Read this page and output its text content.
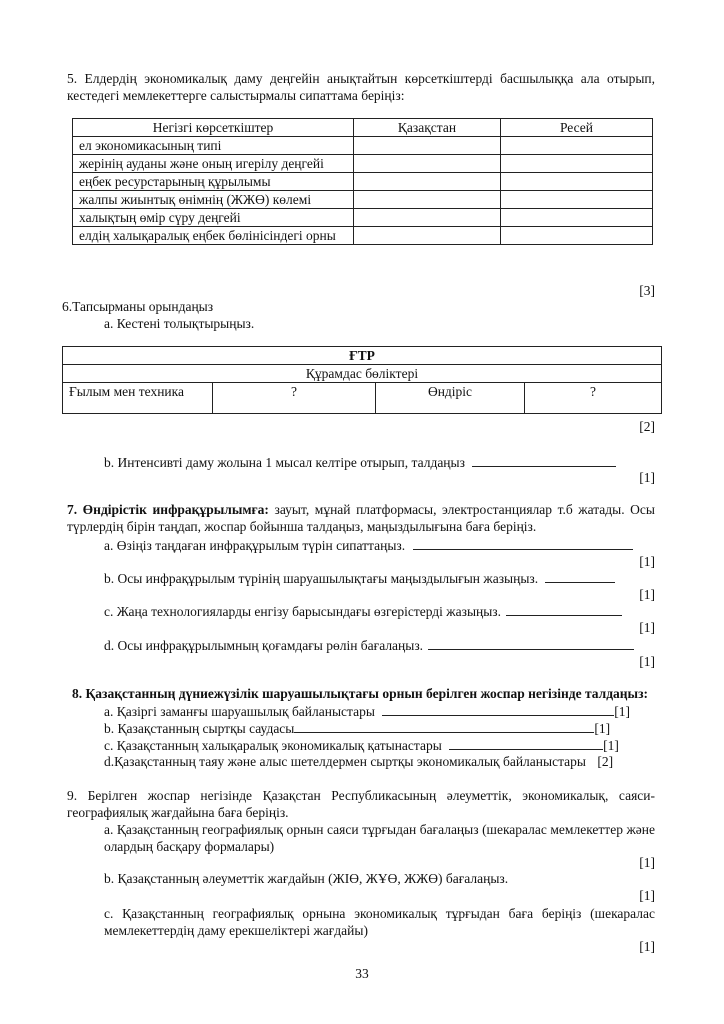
5. Елдердің экономикалық даму деңгейін анықтайтын көрсеткіштерді басшылыққа ала отырып, кестедегі мемлекеттерге салыстырмалы сипаттама беріңіз:
Негізгі көрсеткіштер	Қазақстан	Ресей
ел экономикасының типі		
жерінің ауданы және оның игерілу деңгейі		
еңбек ресурстарының құрылымы		
жалпы жиынтық өнімнің (ЖЖӨ) көлемі		
халықтың өмір сүру деңгейі		
елдің халықаралық еңбек бөлінісіндегі орны		
[3]
6.Тапсырманы орындаңыз
a. Кестені толықтырыңыз.
ҒТР
Құрамдас бөліктері
Ғылым мен техника	?	Өндіріс	?
[2]
b. Интенсивті даму жолына 1 мысал келтіре отырып, талдаңыз
[1]
7. Өндірістік инфрақұрылымға: зауыт, мұнай платформасы, электростанциялар т.б жатады. Осы түрлердің бірін таңдап, жоспар бойынша талдаңыз, маңыздылығына баға беріңіз.
a. Өзіңіз таңдаған инфрақұрылым түрін сипаттаңыз.
[1]
b. Осы инфрақұрылым түрінің шаруашылықтағы маңыздылығын жазыңыз.
[1]
c. Жаңа технологияларды енгізу барысындағы өзгерістерді жазыңыз.
[1]
d. Осы инфрақұрылымның қоғамдағы рөлін бағалаңыз.
[1]
8. Қазақстанның дүниежүзілік шаруашылықтағы орнын берілген жоспар негізінде талдаңыз:
a. Қазіргі заманғы шаруашылық байланыстары	[1]
b. Қазақстанның сыртқы саудасы	[1]
c. Қазақстанның халықаралық экономикалық қатынастары	[1]
d.Қазақстанның таяу және алыс шетелдермен сыртқы экономикалық байланыстары [2]
9. Берілген жоспар негізінде Қазақстан Республикасының әлеуметтік, экономикалық, саяси-географиялық жағдайына баға беріңіз.
a. Қазақстанның географиялық орнын саяси тұрғыдан бағалаңыз (шекаралас мемлекеттер және олардың басқару формалары)
[1]
b. Қазақстанның әлеуметтік жағдайын (ЖІӨ, ЖҰӨ, ЖЖӨ) бағалаңыз.
[1]
c. Қазақстанның географиялық орнына экономикалық тұрғыдан баға беріңіз (шекаралас мемлекеттердің даму ерекшеліктері жағдайы)
[1]
33
